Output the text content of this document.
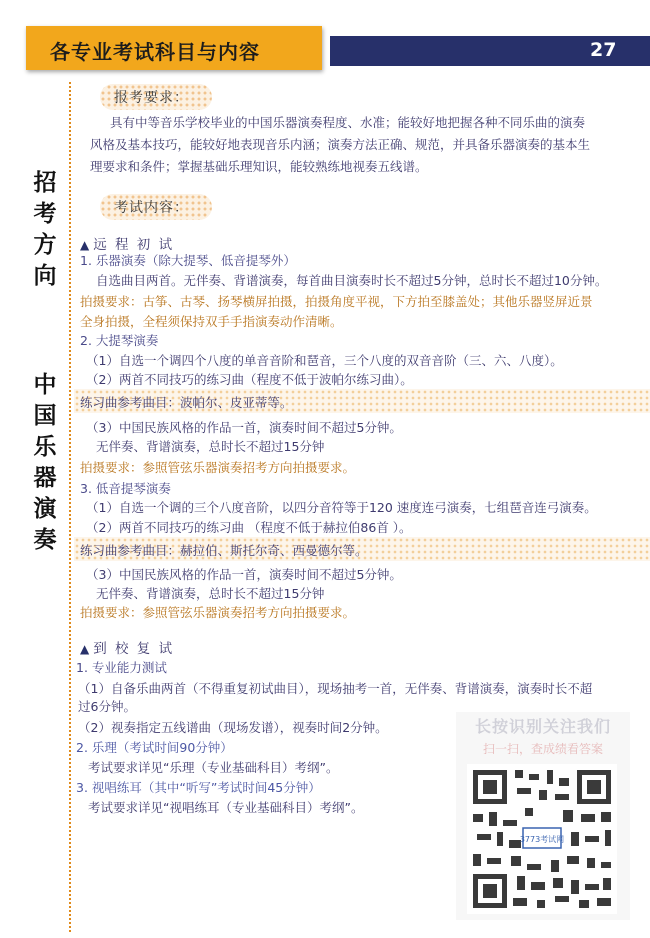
各专业考试科目与内容	27
招考方向
中国乐器演奏
报考要求：
具有中等音乐学校毕业的中国乐器演奏程度、水准；能较好地把握各种不同乐曲的演奏
风格及基本技巧，能较好地表现音乐内涵；演奏方法正确、规范，并具备乐器演奏的基本生
理要求和条件；掌握基础乐理知识，能较熟练地视奏五线谱。
考试内容：
▲ 远 程 初 试
1. 乐器演奏（除大提琴、低音提琴外）
自选曲目两首。无伴奏、背谱演奏，每首曲目演奏时长不超过5分钟，总时长不超过10分钟。
拍摄要求：古筝、古琴、扬琴横屏拍摄，拍摄角度平视，下方拍至膝盖处；其他乐器竖屏近景
全身拍摄，全程须保持双手手指演奏动作清晰。
2. 大提琴演奏
（1）自选一个调四个八度的单音音阶和琶音，三个八度的双音音阶（三、六、八度）。
（2）两首不同技巧的练习曲（程度不低于波帕尔练习曲）。
练习曲参考曲目：波帕尔、皮亚蒂等。
（3）中国民族风格的作品一首，演奏时间不超过5分钟。
无伴奏、背谱演奏，总时长不超过15分钟
拍摄要求：参照管弦乐器演奏招考方向拍摄要求。
3. 低音提琴演奏
（1）自选一个调的三个八度音阶，以四分音符等于120 速度连弓演奏，七组琶音连弓演奏。
（2）两首不同技巧的练习曲 （程度不低于赫拉伯86首 ）。
练习曲参考曲目：赫拉伯、斯托尔奇、西曼德尔等。
（3）中国民族风格的作品一首，演奏时间不超过5分钟。
无伴奏、背谱演奏，总时长不超过15分钟
拍摄要求：参照管弦乐器演奏招考方向拍摄要求。
▲ 到 校 复 试
1. 专业能力测试
（1）自备乐曲两首（不得重复初试曲目），现场抽考一首，无伴奏、背谱演奏，演奏时长不超
过6分钟。
（2）视奏指定五线谱曲（现场发谱），视奏时间2分钟。
2. 乐理（考试时间90分钟）
考试要求详见“乐理（专业基础科目）考纲”。
3. 视唱练耳（其中“听写”考试时间45分钟）
考试要求详见“视唱练耳（专业基础科目）考纲”。
长按识别关注我们
扫一扫，查成绩看答案
3773考试网
